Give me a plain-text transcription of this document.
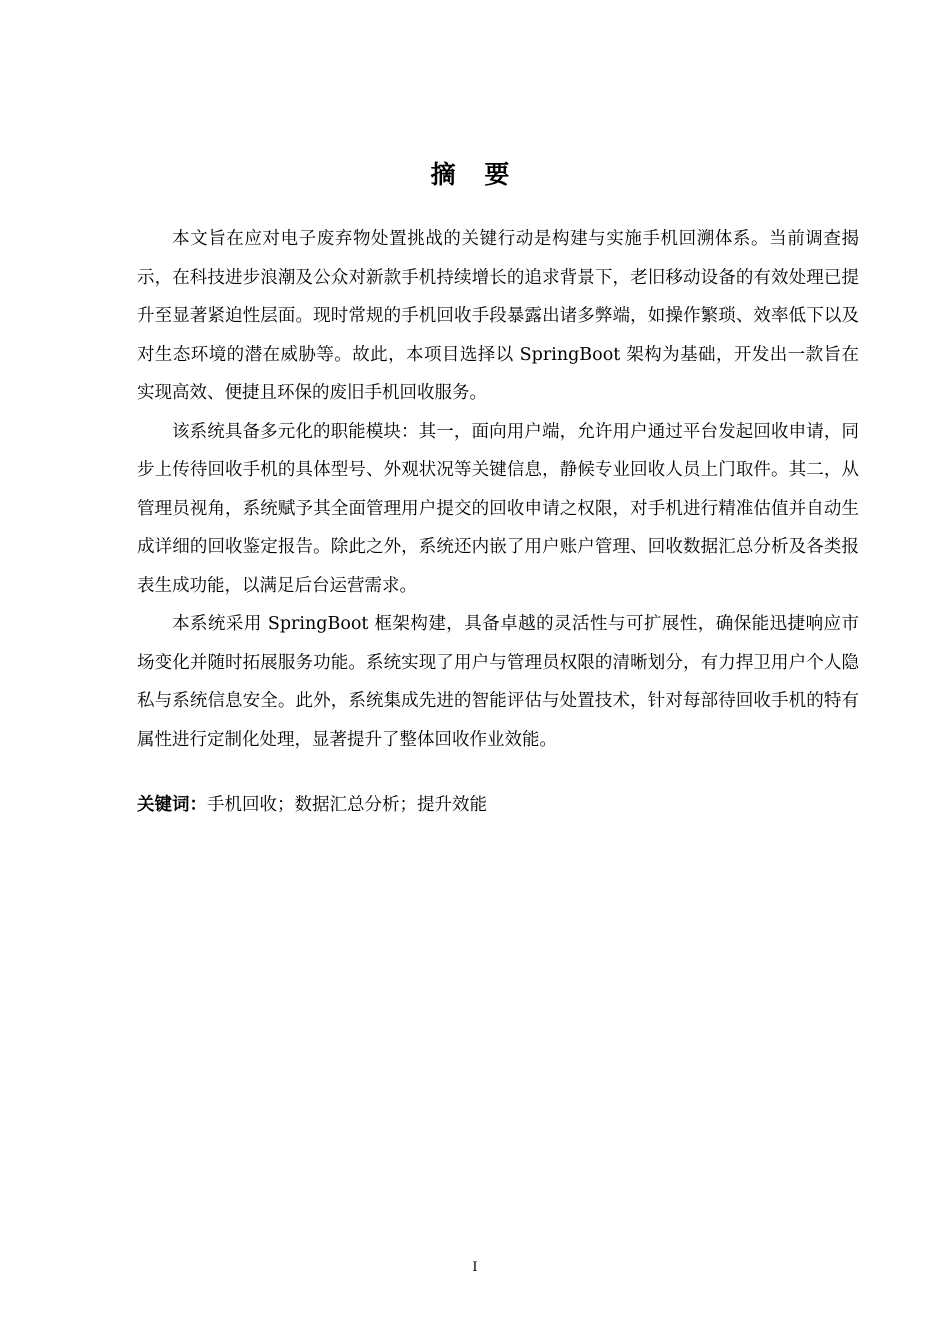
摘 要

本文旨在应对电子废弃物处置挑战的关键行动是构建与实施手机回溯体系。当前调查揭示，在科技进步浪潮及公众对新款手机持续增长的追求背景下，老旧移动设备的有效处理已提升至显著紧迫性层面。现时常规的手机回收手段暴露出诸多弊端，如操作繁琐、效率低下以及对生态环境的潜在威胁等。故此，本项目选择以 SpringBoot 架构为基础，开发出一款旨在实现高效、便捷且环保的废旧手机回收服务。

该系统具备多元化的职能模块：其一，面向用户端，允许用户通过平台发起回收申请，同步上传待回收手机的具体型号、外观状况等关键信息，静候专业回收人员上门取件。其二，从管理员视角，系统赋予其全面管理用户提交的回收申请之权限，对手机进行精准估值并自动生成详细的回收鉴定报告。除此之外，系统还内嵌了用户账户管理、回收数据汇总分析及各类报表生成功能，以满足后台运营需求。

本系统采用 SpringBoot 框架构建，具备卓越的灵活性与可扩展性，确保能迅捷响应市场变化并随时拓展服务功能。系统实现了用户与管理员权限的清晰划分，有力捍卫用户个人隐私与系统信息安全。此外，系统集成先进的智能评估与处置技术，针对每部待回收手机的特有属性进行定制化处理，显著提升了整体回收作业效能。

关键词：手机回收；数据汇总分析；提升效能
I
